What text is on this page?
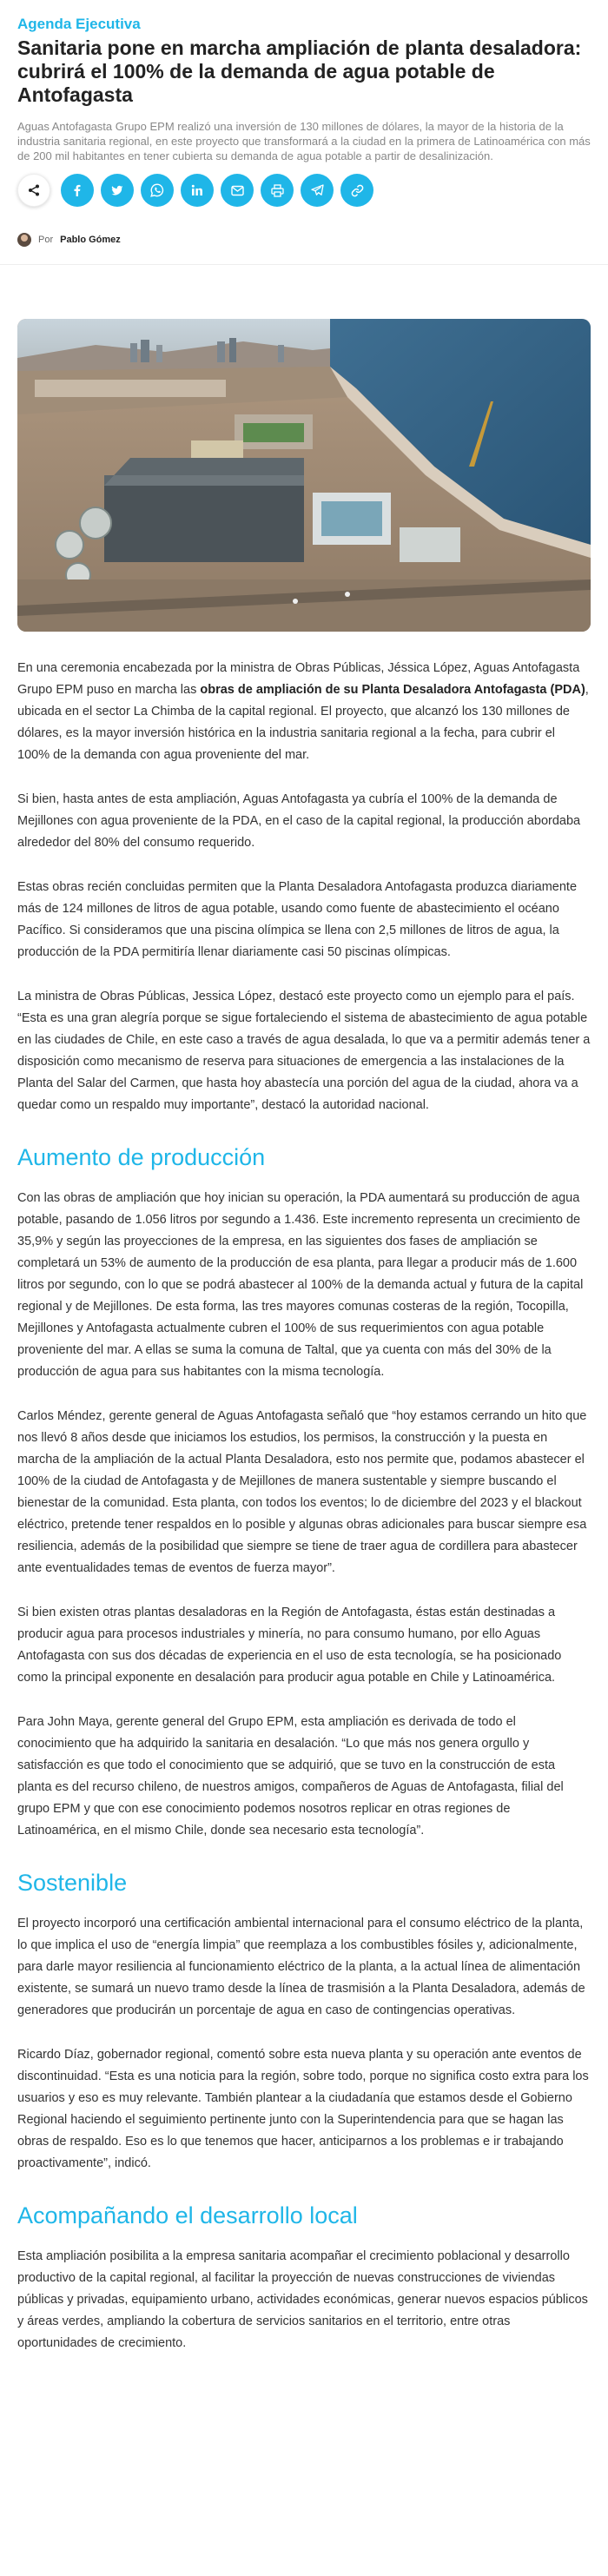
Agenda Ejecutiva
Sanitaria pone en marcha ampliación de planta desaladora: cubrirá el 100% de la demanda de agua potable de Antofagasta

Aguas Antofagasta Grupo EPM realizó una inversión de 130 millones de dólares, la mayor de la historia de la industria sanitaria regional, en este proyecto que transformará a la ciudad en la primera de Latinoamérica con más de 200 mil habitantes en tener cubierta su demanda de agua potable a partir de desalinización.

Por Pablo Gómez

En una ceremonia encabezada por la ministra de Obras Públicas, Jéssica López, Aguas Antofagasta Grupo EPM puso en marcha las obras de ampliación de su Planta Desaladora Antofagasta (PDA), ubicada en el sector La Chimba de la capital regional. El proyecto, que alcanzó los 130 millones de dólares, es la mayor inversión histórica en la industria sanitaria regional a la fecha, para cubrir el 100% de la demanda con agua proveniente del mar.

Si bien, hasta antes de esta ampliación, Aguas Antofagasta ya cubría el 100% de la demanda de Mejillones con agua proveniente de la PDA, en el caso de la capital regional, la producción abordaba alrededor del 80% del consumo requerido.

Estas obras recién concluidas permiten que la Planta Desaladora Antofagasta produzca diariamente más de 124 millones de litros de agua potable, usando como fuente de abastecimiento el océano Pacífico. Si consideramos que una piscina olímpica se llena con 2,5 millones de litros de agua, la producción de la PDA permitiría llenar diariamente casi 50 piscinas olímpicas.

La ministra de Obras Públicas, Jessica López, destacó este proyecto como un ejemplo para el país. “Esta es una gran alegría porque se sigue fortaleciendo el sistema de abastecimiento de agua potable en las ciudades de Chile, en este caso a través de agua desalada, lo que va a permitir además tener a disposición como mecanismo de reserva para situaciones de emergencia a las instalaciones de la Planta del Salar del Carmen, que hasta hoy abastecía una porción del agua de la ciudad, ahora va a quedar como un respaldo muy importante”, destacó la autoridad nacional.

Aumento de producción

Con las obras de ampliación que hoy inician su operación, la PDA aumentará su producción de agua potable, pasando de 1.056 litros por segundo a 1.436. Este incremento representa un crecimiento de 35,9% y según las proyecciones de la empresa, en las siguientes dos fases de ampliación se completará un 53% de aumento de la producción de esa planta, para llegar a producir más de 1.600 litros por segundo, con lo que se podrá abastecer al 100% de la demanda actual y futura de la capital regional y de Mejillones. De esta forma, las tres mayores comunas costeras de la región, Tocopilla, Mejillones y Antofagasta actualmente cubren el 100% de sus requerimientos con agua potable proveniente del mar. A ellas se suma la comuna de Taltal, que ya cuenta con más del 30% de la producción de agua para sus habitantes con la misma tecnología.

Carlos Méndez, gerente general de Aguas Antofagasta señaló que “hoy estamos cerrando un hito que nos llevó 8 años desde que iniciamos los estudios, los permisos, la construcción y la puesta en marcha de la ampliación de la actual Planta Desaladora, esto nos permite que, podamos abastecer el 100% de la ciudad de Antofagasta y de Mejillones de manera sustentable y siempre buscando el bienestar de la comunidad. Esta planta, con todos los eventos; lo de diciembre del 2023 y el blackout eléctrico, pretende tener respaldos en lo posible y algunas obras adicionales para buscar siempre esa resiliencia, además de la posibilidad que siempre se tiene de traer agua de cordillera para abastecer ante eventualidades temas de eventos de fuerza mayor”.

Si bien existen otras plantas desaladoras en la Región de Antofagasta, éstas están destinadas a producir agua para procesos industriales y minería, no para consumo humano, por ello Aguas Antofagasta con sus dos décadas de experiencia en el uso de esta tecnología, se ha posicionado como la principal exponente en desalación para producir agua potable en Chile y Latinoamérica.

Para John Maya, gerente general del Grupo EPM, esta ampliación es derivada de todo el conocimiento que ha adquirido la sanitaria en desalación. “Lo que más nos genera orgullo y satisfacción es que todo el conocimiento que se adquirió, que se tuvo en la construcción de esta planta es del recurso chileno, de nuestros amigos, compañeros de Aguas de Antofagasta, filial del grupo EPM y que con ese conocimiento podemos nosotros replicar en otras regiones de Latinoamérica, en el mismo Chile, donde sea necesario esta tecnología”.

Sostenible

El proyecto incorporó una certificación ambiental internacional para el consumo eléctrico de la planta, lo que implica el uso de “energía limpia” que reemplaza a los combustibles fósiles y, adicionalmente, para darle mayor resiliencia al funcionamiento eléctrico de la planta, a la actual línea de alimentación existente, se sumará un nuevo tramo desde la línea de trasmisión a la Planta Desaladora, además de generadores que producirán un porcentaje de agua en caso de contingencias operativas.

Ricardo Díaz, gobernador regional, comentó sobre esta nueva planta y su operación ante eventos de discontinuidad. “Esta es una noticia para la región, sobre todo, porque no significa costo extra para los usuarios y eso es muy relevante. También plantear a la ciudadanía que estamos desde el Gobierno Regional haciendo el seguimiento pertinente junto con la Superintendencia para que se hagan las obras de respaldo. Eso es lo que tenemos que hacer, anticiparnos a los problemas e ir trabajando proactivamente”, indicó.

Acompañando el desarrollo local

Esta ampliación posibilita a la empresa sanitaria acompañar el crecimiento poblacional y desarrollo productivo de la capital regional, al facilitar la proyección de nuevas construcciones de viviendas públicas y privadas, equipamiento urbano, actividades económicas, generar nuevos espacios públicos y áreas verdes, ampliando la cobertura de servicios sanitarios en el territorio, entre otras oportunidades de crecimiento.
